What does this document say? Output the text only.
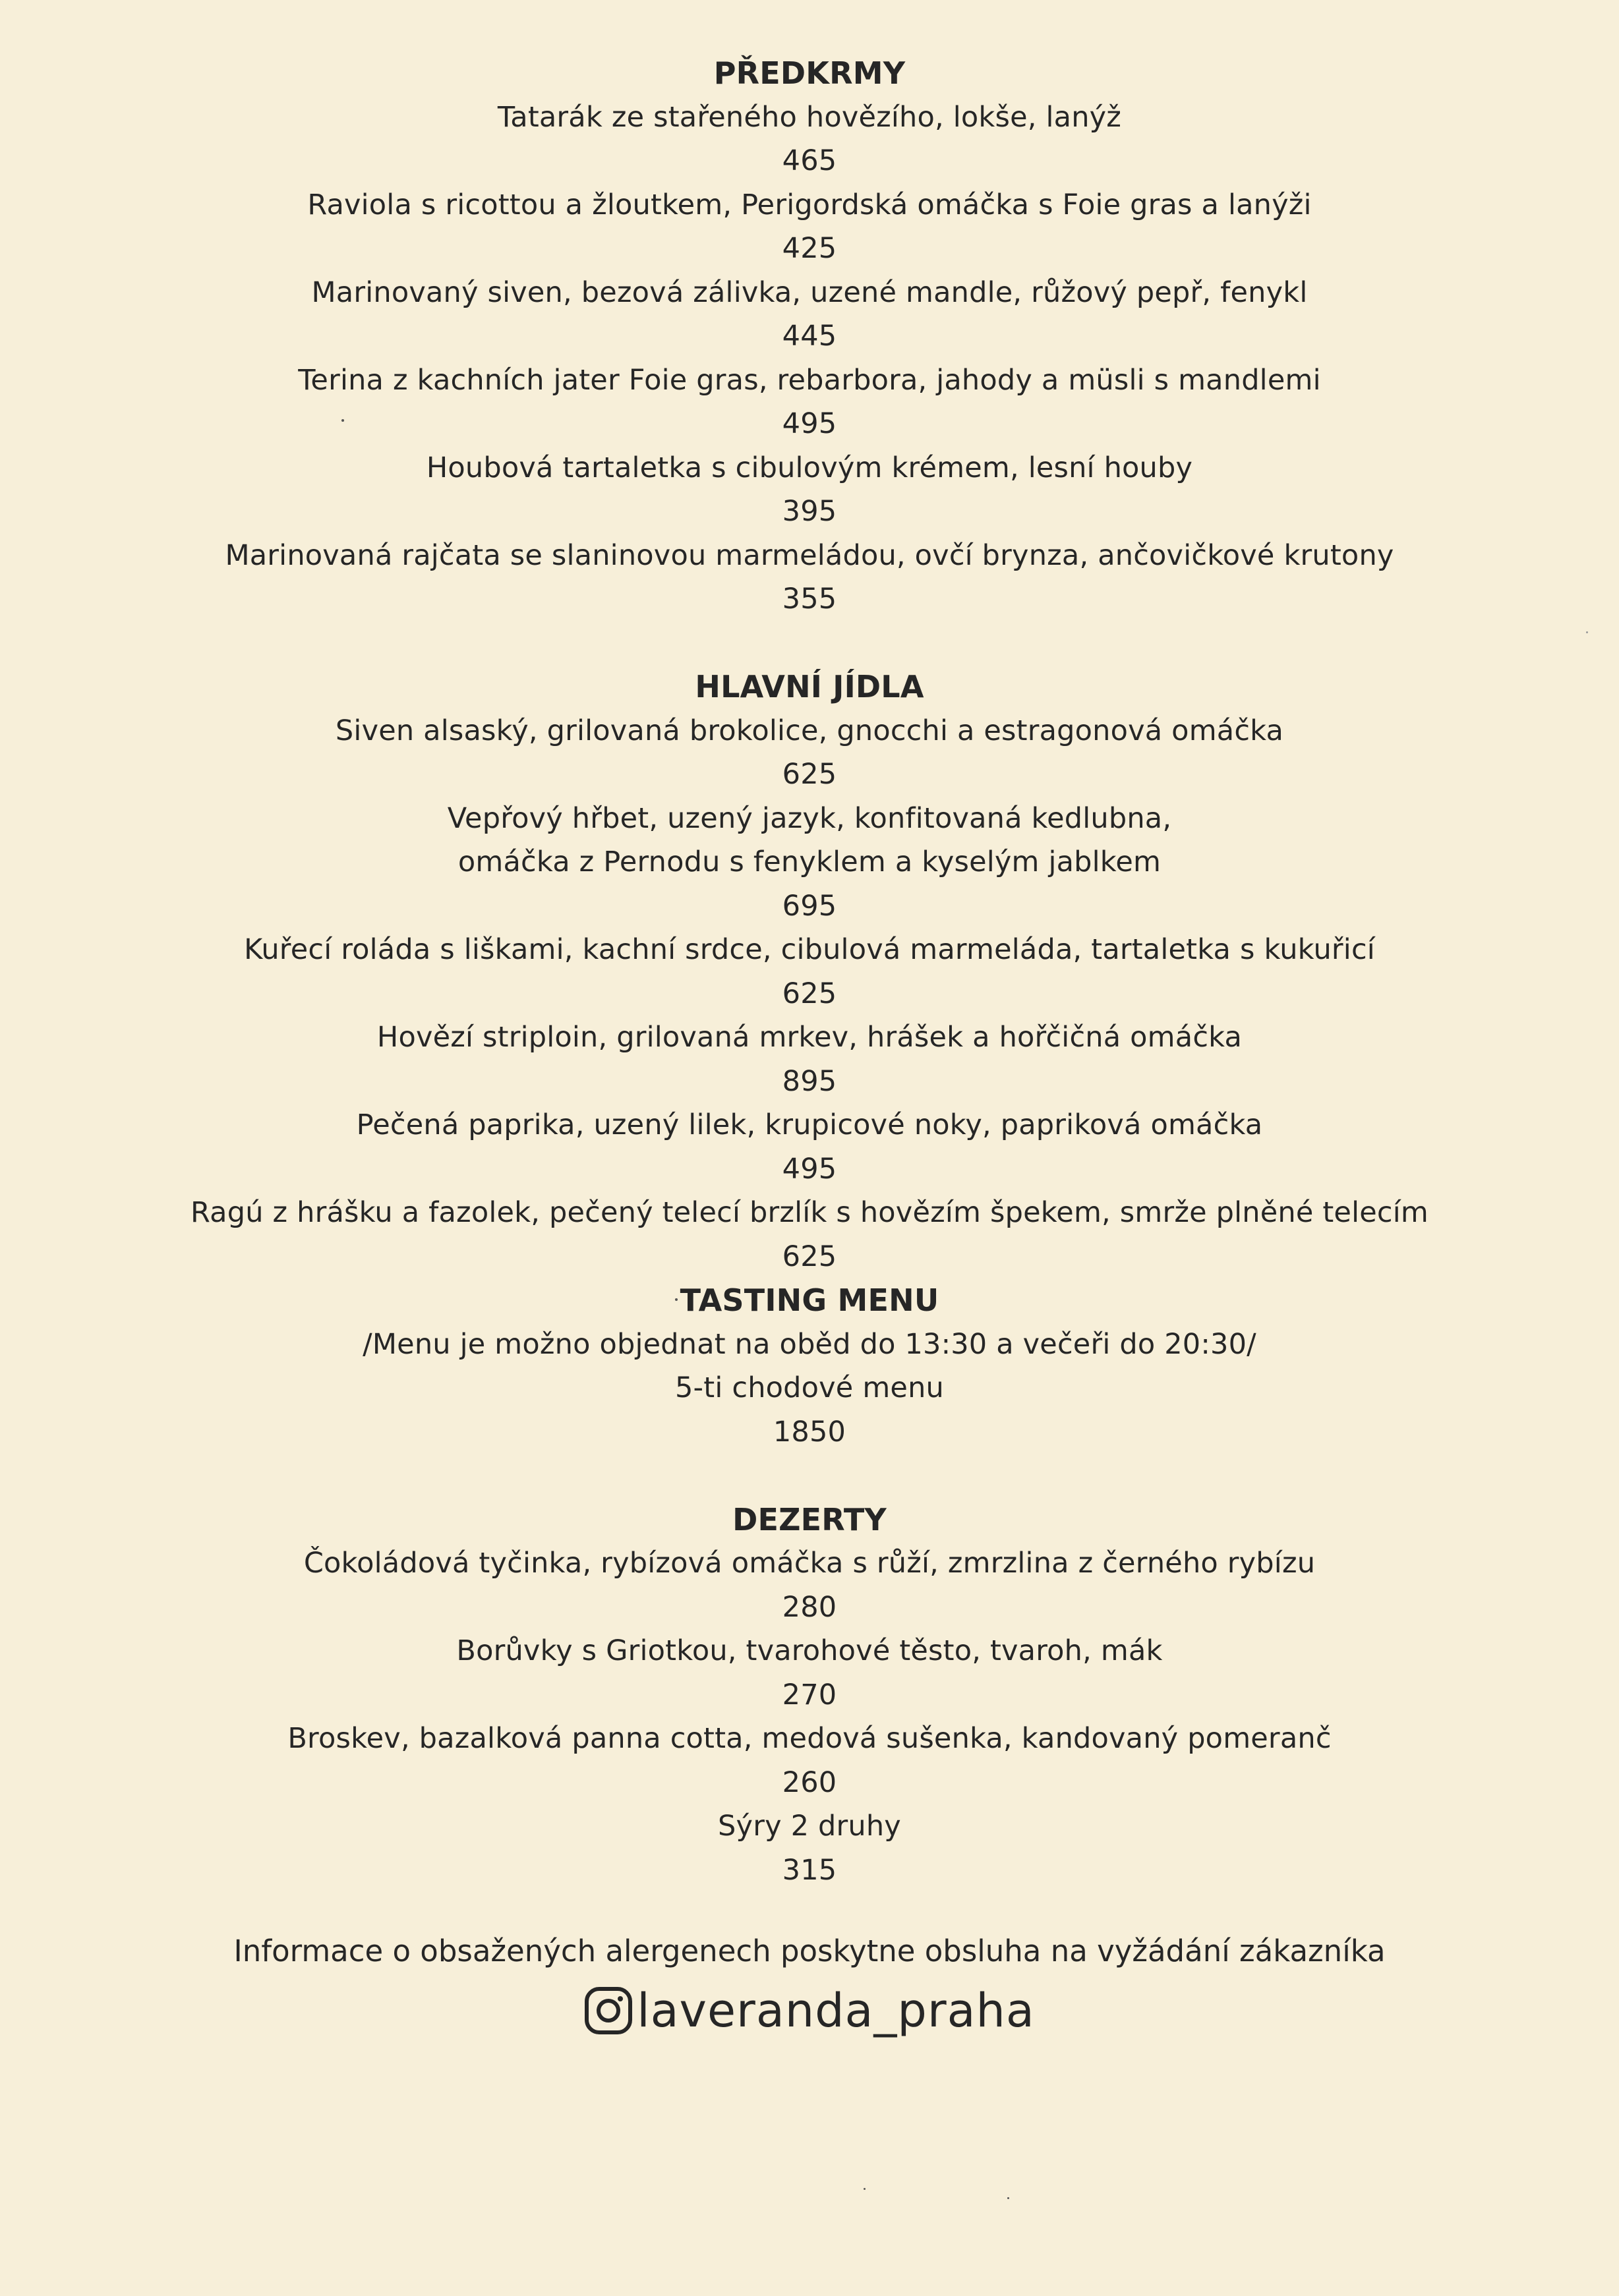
PŘEDKRMY
Tatarák ze stařeného hovězího, lokše, lanýž
465
Raviola s ricottou a žloutkem, Perigordská omáčka s Foie gras a lanýži
425
Marinovaný siven, bezová zálivka, uzené mandle, růžový pepř, fenykl
445
Terina z kachních jater Foie gras, rebarbora, jahody a müsli s mandlemi
495
Houbová tartaletka s cibulovým krémem, lesní houby
395
Marinovaná rajčata se slaninovou marmeládou, ovčí brynza, ančovičkové krutony
355
HLAVNÍ JÍDLA
Siven alsaský, grilovaná brokolice, gnocchi a estragonová omáčka
625
Vepřový hřbet, uzený jazyk, konfitovaná kedlubna,
omáčka z Pernodu s fenyklem a kyselým jablkem
695
Kuřecí roláda s liškami, kachní srdce, cibulová marmeláda, tartaletka s kukuřicí
625
Hovězí striploin, grilovaná mrkev, hrášek a hořčičná omáčka
895
Pečená paprika, uzený lilek, krupicové noky, papriková omáčka
495
Ragú z hrášku a fazolek, pečený telecí brzlík s hovězím špekem, smrže plněné telecím
625
TASTING MENU
/Menu je možno objednat na oběd do 13:30 a večeři do 20:30/
5-ti chodové menu
1850
DEZERTY
Čokoládová tyčinka, rybízová omáčka s růží, zmrzlina z černého rybízu
280
Borůvky s Griotkou, tvarohové těsto, tvaroh, mák
270
Broskev, bazalková panna cotta, medová sušenka, kandovaný pomeranč
260
Sýry 2 druhy
315
Informace o obsažených alergenech poskytne obsluha na vyžádání zákazníka
laveranda_praha
